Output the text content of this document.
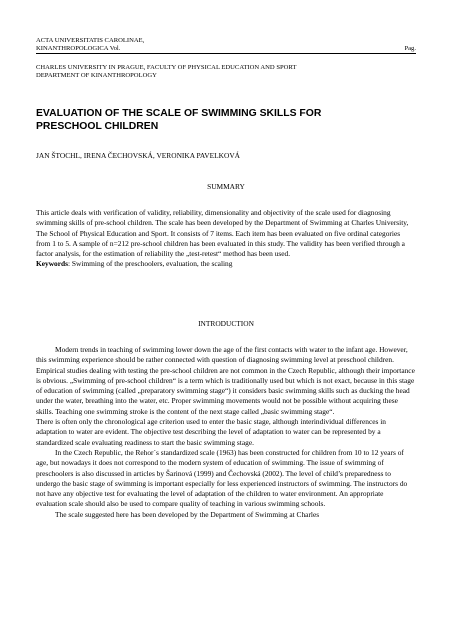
ACTA UNIVERSITATIS CAROLINAE,
KINANTHROPOLOGICA Vol.	Pag.
CHARLES UNIVERSITY IN PRAGUE, FACULTY OF PHYSICAL EDUCATION AND SPORT
DEPARTMENT OF KINANTHROPOLOGY
EVALUATION OF THE SCALE OF SWIMMING SKILLS FOR
PRESCHOOL CHILDREN
JAN ŠTOCHL, IRENA ČECHOVSKÁ, VERONIKA PAVELKOVÁ
SUMMARY

This article deals with verification of validity, reliability, dimensionality and objectivity of the scale used for diagnosing swimming skills of pre-school children. The scale has been developed by the Department of Swimming at Charles University, The School of Physical Education and Sport. It consists of 7 items. Each item has been evaluated on five ordinal categories from 1 to 5. A sample of n=212 pre-school children has been evaluated in this study. The validity has been verified through a factor analysis, for the estimation of reliability the „test-retest“ method has been used.

Keywords: Swimming of the preschoolers, evaluation, the scaling

INTRODUCTION

Modern trends in teaching of swimming lower down the age of the first contacts with water to the infant age. However, this swimming experience should be rather connected with question of diagnosing swimming level at preschool children. Empirical studies dealing with testing the pre-school children are not common in the Czech Republic, although their importance is obvious. „Swimming of pre-school children“ is a term which is traditionally used but which is not exact, because in this stage of education of swimming (called „preparatory swimming stage“) it considers basic swimming skills such as ducking the head under the water, breathing into the water, etc. Proper swimming movements would not be possible without acquiring these skills. Teaching one swimming stroke is the content of the next stage called „basic swimming stage“.

There is often only the chronological age criterion used to enter the basic stage, although interindividual differences in adaptation to water are evident. The objective test describing the level of adaptation to water can be represented by a standardized scale evaluating readiness to start the basic swimming stage.

In the Czech Republic, the Rehor´s standardized scale (1963) has been constructed for children from 10 to 12 years of age, but nowadays it does not correspond to the modern system of education of swimming. The issue of swimming of preschoolers is also discussed in articles by Šarinová (1999) and Čechovská (2002). The level of child’s preparedness to undergo the basic stage of swimming is important especially for less experienced instructors of swimming. The instructors do not have any objective test for evaluating the level of adaptation of the children to water environment. An appropriate evaluation scale should also be used to compare quality of teaching in various swimming schools.

The scale suggested here has been developed by the Department of Swimming at Charles
